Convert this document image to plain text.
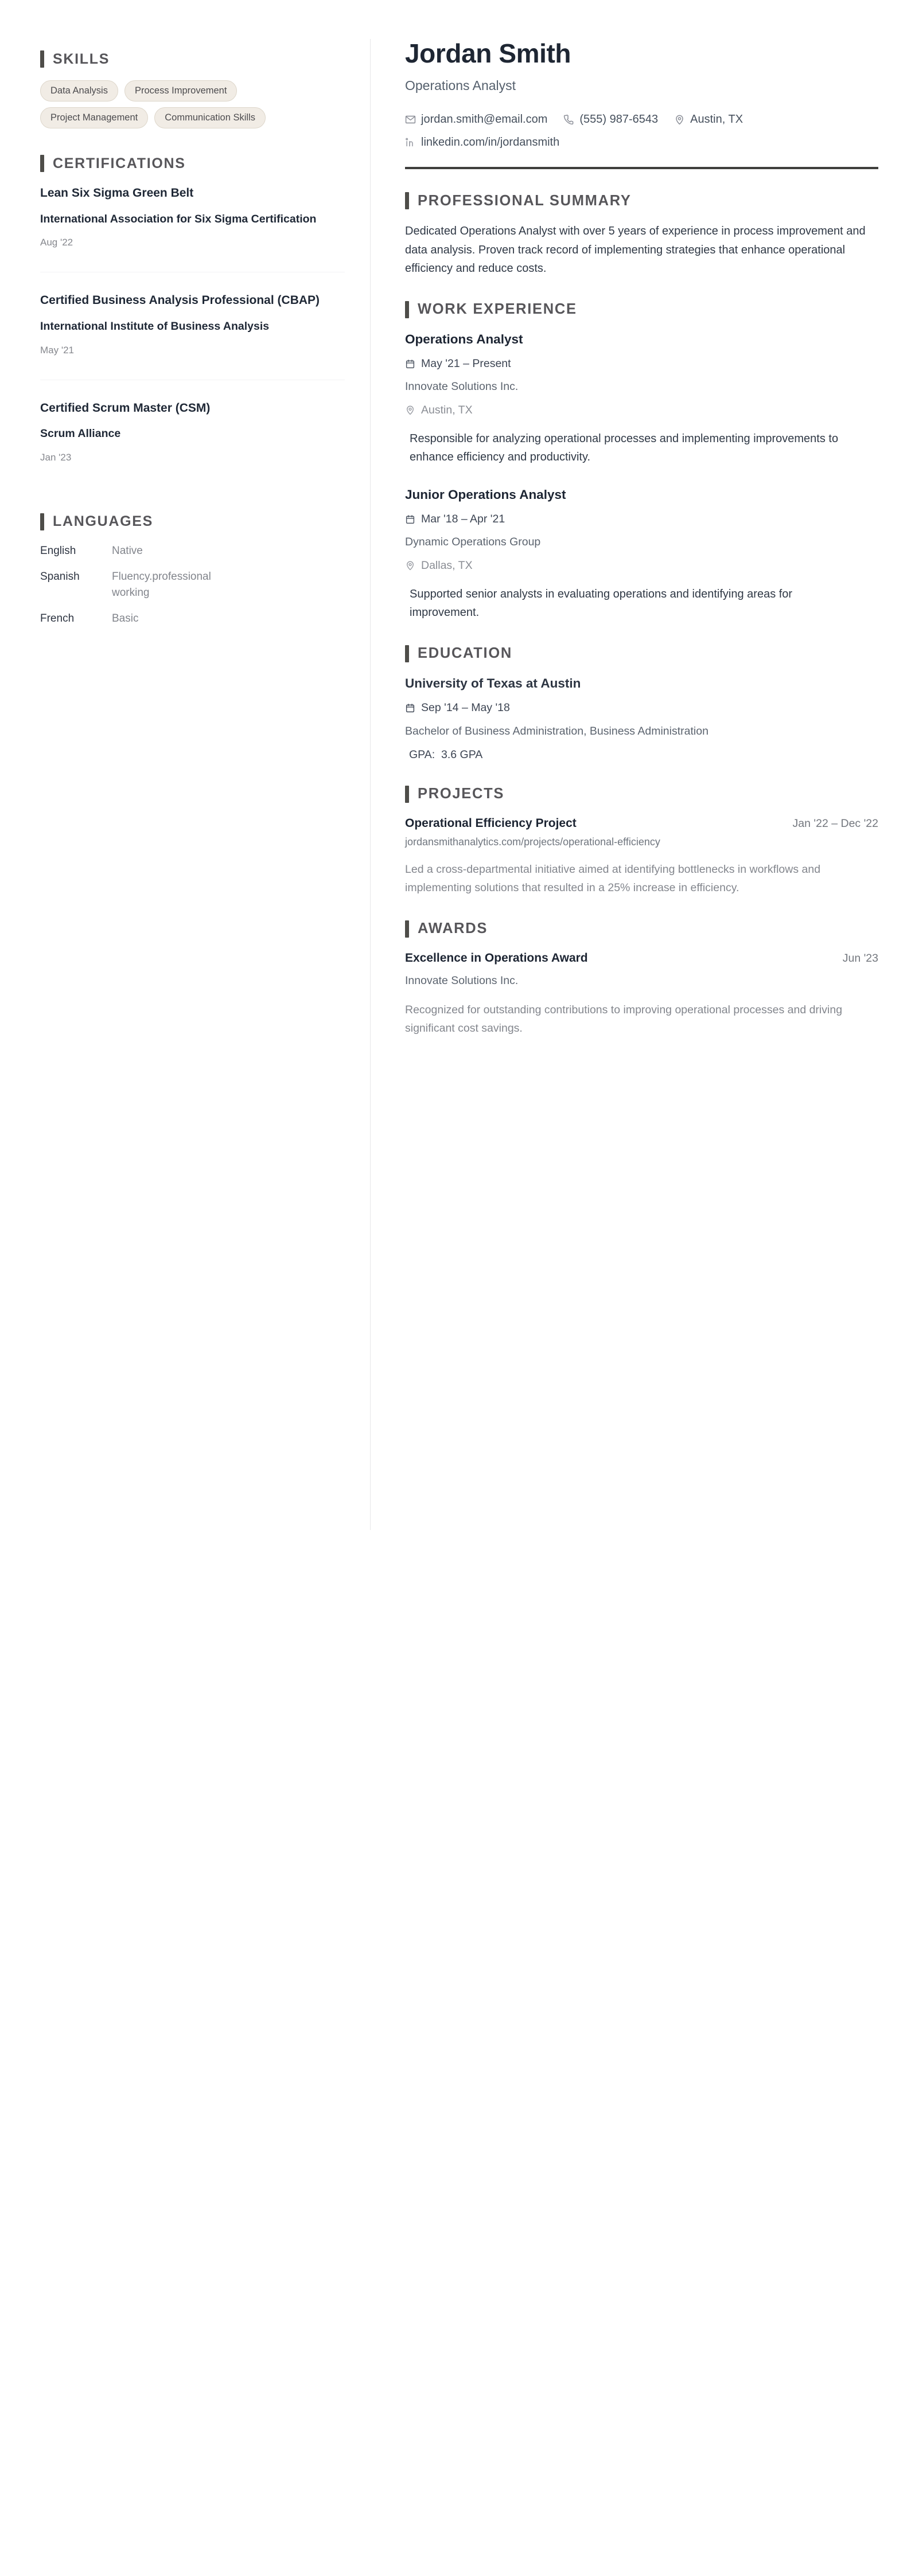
SKILLS
Data Analysis	Process Improvement
Project Management	Communication Skills
CERTIFICATIONS
Lean Six Sigma Green Belt
International Association for Six Sigma Certification
Aug '22
Certified Business Analysis Professional (CBAP)
International Institute of Business Analysis
May '21
Certified Scrum Master (CSM)
Scrum Alliance
Jan '23
LANGUAGES
English	Native
Spanish	Fluency.professional working
French	Basic
Jordan Smith
Operations Analyst
jordan.smith@email.com	(555) 987-6543	Austin, TX
linkedin.com/in/jordansmith
PROFESSIONAL SUMMARY

Dedicated Operations Analyst with over 5 years of experience in process improvement and data analysis. Proven track record of implementing strategies that enhance operational efficiency and reduce costs.

WORK EXPERIENCE
Operations Analyst
May '21 – Present
Innovate Solutions Inc.
Austin, TX

Responsible for analyzing operational processes and implementing improvements to enhance efficiency and productivity.

Junior Operations Analyst
Mar '18 – Apr '21
Dynamic Operations Group
Dallas, TX

Supported senior analysts in evaluating operations and identifying areas for improvement.

EDUCATION
University of Texas at Austin
Sep '14 – May '18
Bachelor of Business Administration, Business Administration
GPA: 3.6 GPA
PROJECTS
Operational Efficiency Project	Jan '22 – Dec '22
jordansmithanalytics.com/projects/operational-efficiency

Led a cross-departmental initiative aimed at identifying bottlenecks in workflows and implementing solutions that resulted in a 25% increase in efficiency.

AWARDS
Excellence in Operations Award	Jun '23
Innovate Solutions Inc.

Recognized for outstanding contributions to improving operational processes and driving significant cost savings.
